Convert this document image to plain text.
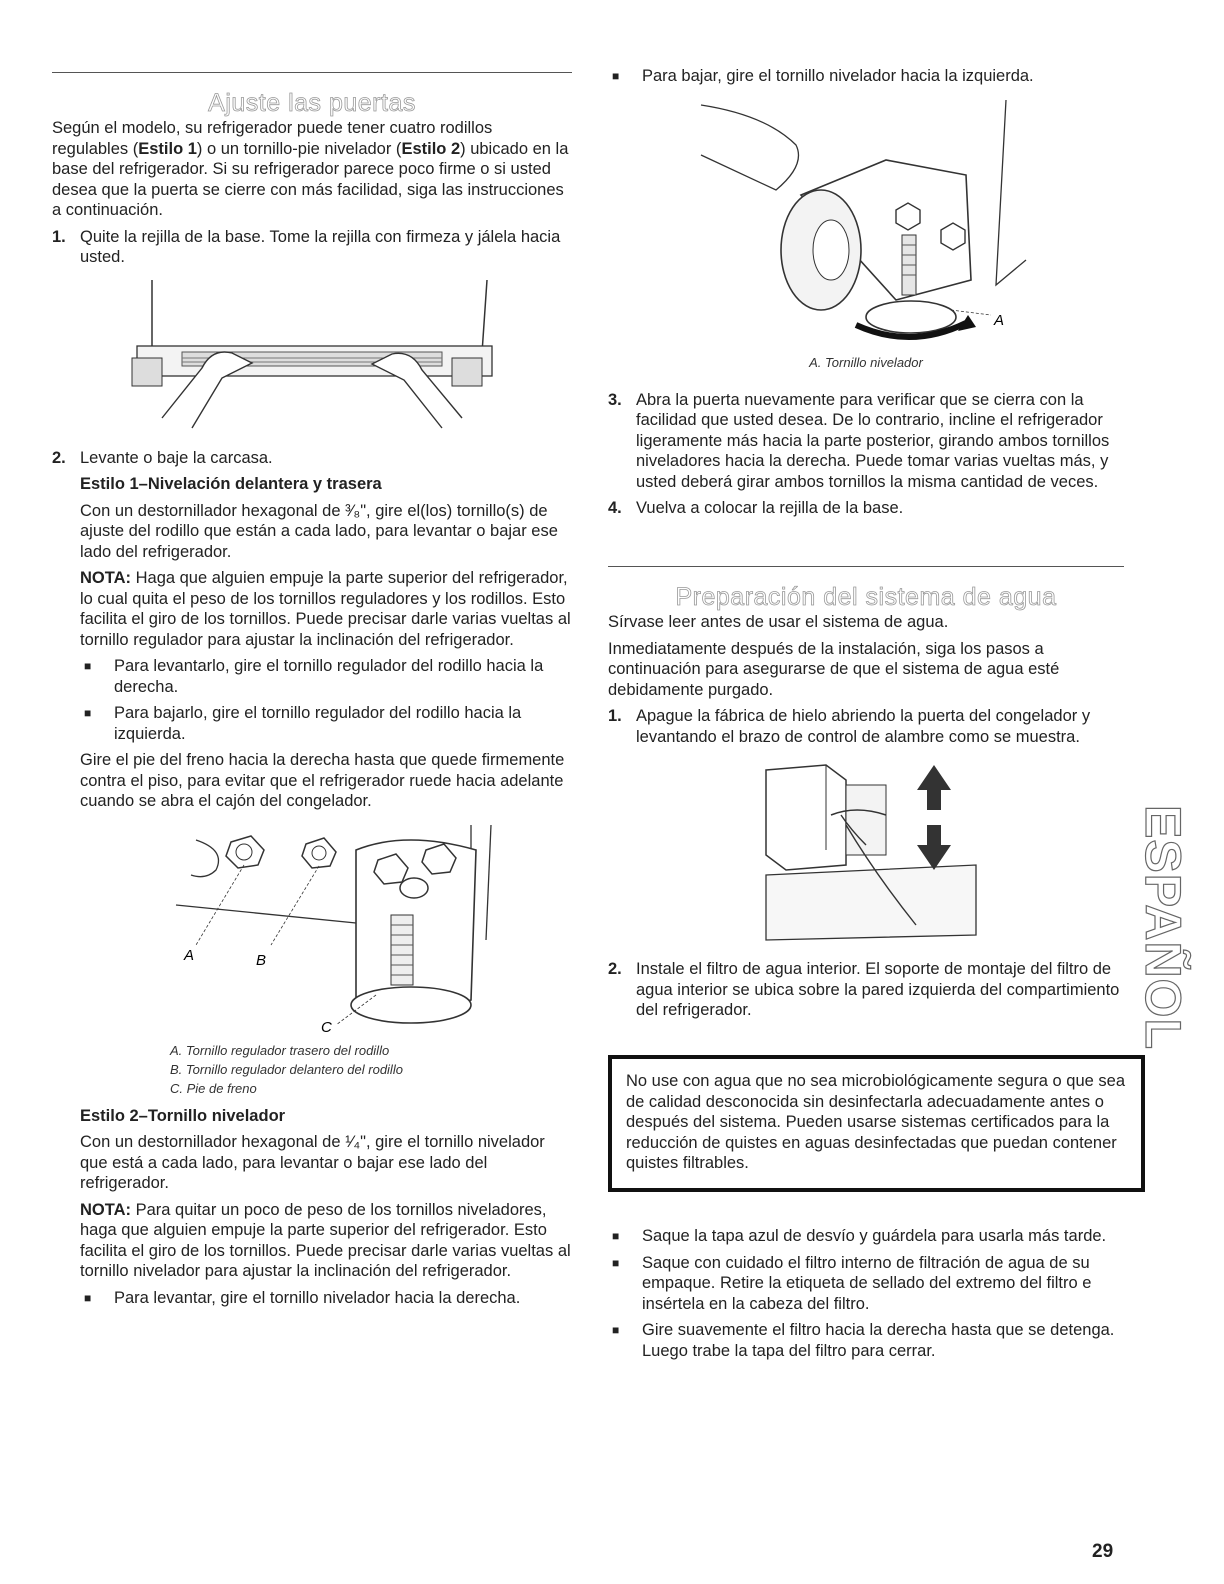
Ajuste las puertas

Según el modelo, su refrigerador puede tener cuatro rodillos regulables (Estilo 1) o un tornillo-pie nivelador (Estilo 2) ubicado en la base del refrigerador. Si su refrigerador parece poco firme o si usted desea que la puerta se cierre con más facilidad, siga las instrucciones a continuación.

1. Quite la rejilla de la base. Tome la rejilla con firmeza y jálela hacia usted.
2. Levante o baje la carcasa.
Estilo 1–Nivelación delantera y trasera

Con un destornillador hexagonal de ³⁄₈", gire el(los) tornillo(s) de ajuste del rodillo que están a cada lado, para levantar o bajar ese lado del refrigerador.

NOTA: Haga que alguien empuje la parte superior del refrigerador, lo cual quita el peso de los tornillos reguladores y los rodillos. Esto facilita el giro de los tornillos. Puede precisar darle varias vueltas al tornillo regulador para ajustar la inclinación del refrigerador.

■	Para levantarlo, gire el tornillo regulador del rodillo hacia la derecha.
■	Para bajarlo, gire el tornillo regulador del rodillo hacia la izquierda.

Gire el pie del freno hacia la derecha hasta que quede firmemente contra el piso, para evitar que el refrigerador ruede hacia adelante cuando se abra el cajón del congelador.

A	B
C
A. Tornillo regulador trasero del rodillo
B. Tornillo regulador delantero del rodillo
C. Pie de freno
Estilo 2–Tornillo nivelador

Con un destornillador hexagonal de ¹⁄₄", gire el tornillo nivelador que está a cada lado, para levantar o bajar ese lado del refrigerador.

NOTA: Para quitar un poco de peso de los tornillos niveladores, haga que alguien empuje la parte superior del refrigerador. Esto facilita el giro de los tornillos. Puede precisar darle varias vueltas al tornillo nivelador para ajustar la inclinación del refrigerador.

■	Para levantar, gire el tornillo nivelador hacia la derecha.
■	Para bajar, gire el tornillo nivelador hacia la izquierda.
A
A. Tornillo nivelador
3. Abra la puerta nuevamente para verificar que se cierra con la facilidad que usted desea. De lo contrario, incline el refrigerador ligeramente más hacia la parte posterior, girando ambos tornillos niveladores hacia la derecha. Puede tomar varias vueltas más, y usted deberá girar ambos tornillos la misma cantidad de veces.
4. Vuelva a colocar la rejilla de la base.
Preparación del sistema de agua

Sírvase leer antes de usar el sistema de agua.

Inmediatamente después de la instalación, siga los pasos a continuación para asegurarse de que el sistema de agua esté debidamente purgado.

1. Apague la fábrica de hielo abriendo la puerta del congelador y levantando el brazo de control de alambre como se muestra.
2. Instale el filtro de agua interior. El soporte de montaje del filtro de agua interior se ubica sobre la pared izquierda del compartimiento del refrigerador.
No use con agua que no sea microbiológicamente segura o que sea de calidad desconocida sin desinfectarla adecuadamente antes o después del sistema. Pueden usarse sistemas certificados para la reducción de quistes en aguas desinfectadas que puedan contener quistes filtrables.
■	Saque la tapa azul de desvío y guárdela para usarla más tarde.
■	Saque con cuidado el filtro interno de filtración de agua de su empaque. Retire la etiqueta de sellado del extremo del filtro e insértela en la cabeza del filtro.
■	Gire suavemente el filtro hacia la derecha hasta que se detenga. Luego trabe la tapa del filtro para cerrar.
ESPAÑOL
29
